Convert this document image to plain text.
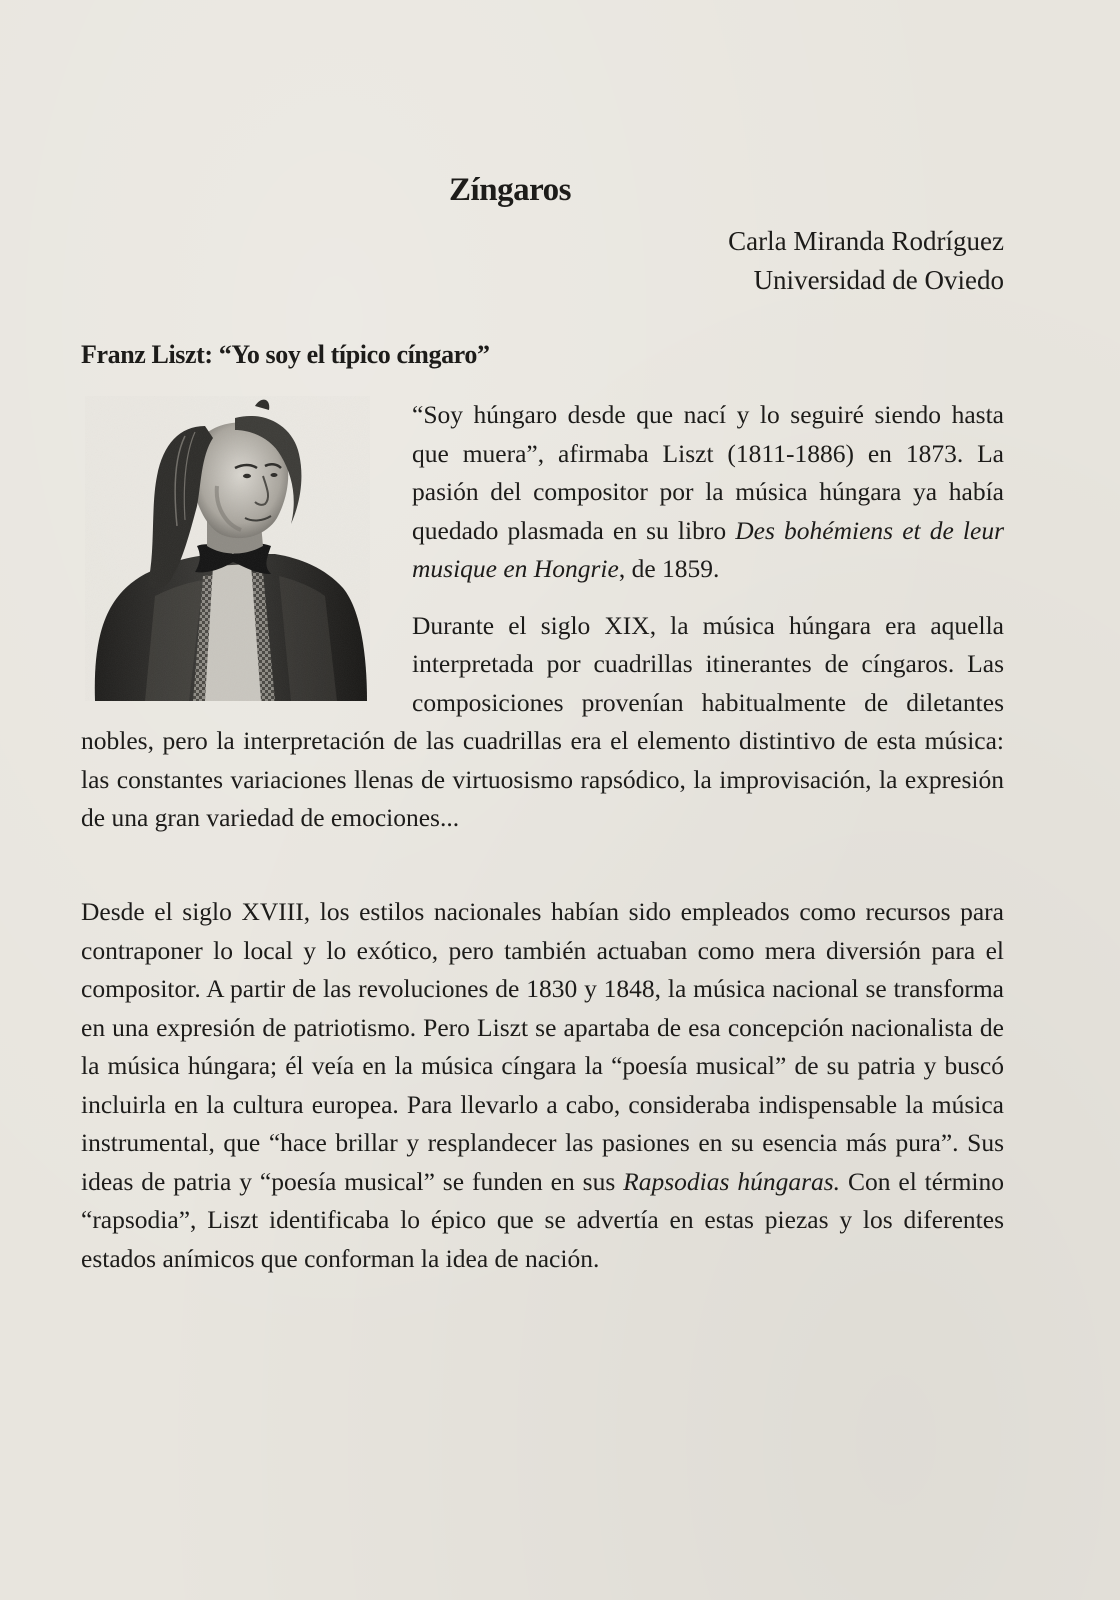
Zíngaros
Carla Miranda Rodríguez
Universidad de Oviedo
Franz Liszt: “Yo soy el típico cíngaro”

“Soy húngaro desde que nací y lo seguiré siendo hasta que muera”, afirmaba Liszt (1811-1886) en 1873. La pasión del compositor por la música húngara ya había quedado plasmada en su libro Des bohémiens et de leur musique en Hongrie, de 1859.

Durante el siglo XIX, la música húngara era aquella interpretada por cuadrillas itinerantes de cíngaros. Las composiciones provenían habitualmente de diletantes nobles, pero la interpretación de las cuadrillas era el elemento distintivo de esta música: las constantes variaciones llenas de virtuosismo rapsódico, la improvisación, la expresión de una gran variedad de emociones...

Desde el siglo XVIII, los estilos nacionales habían sido empleados como recursos para contraponer lo local y lo exótico, pero también actuaban como mera diversión para el compositor. A partir de las revoluciones de 1830 y 1848, la música nacional se transforma en una expresión de patriotismo. Pero Liszt se apartaba de esa concepción nacionalista de la música húngara; él veía en la música cíngara la “poesía musical” de su patria y buscó incluirla en la cultura europea. Para llevarlo a cabo, consideraba indispensable la música instrumental, que “hace brillar y resplandecer las pasiones en su esencia más pura”. Sus ideas de patria y “poesía musical” se funden en sus Rapsodias húngaras. Con el término “rapsodia”, Liszt identificaba lo épico que se advertía en estas piezas y los diferentes estados anímicos que conforman la idea de nación.
